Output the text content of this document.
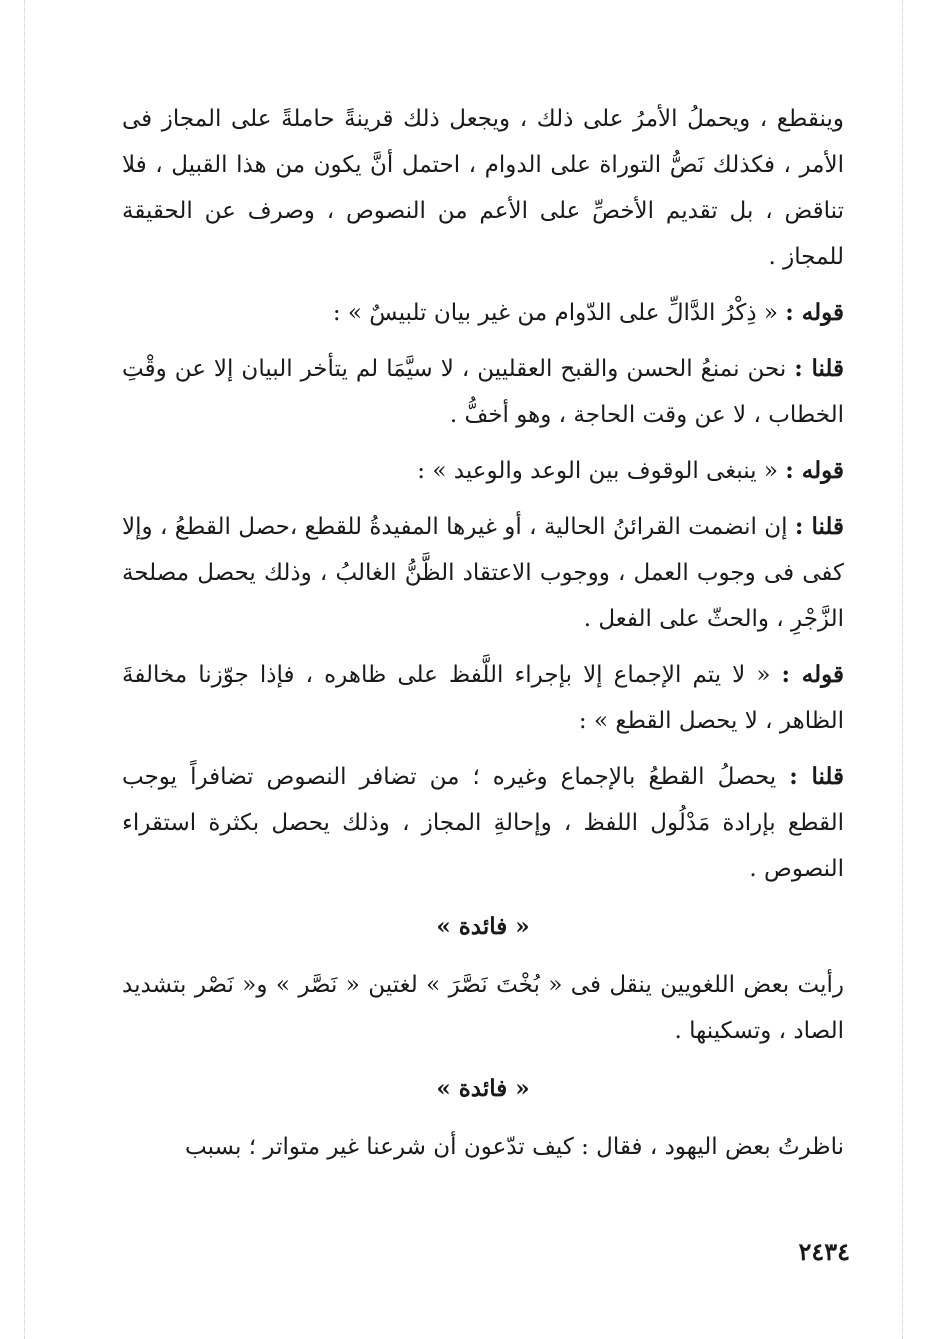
وينقطع ، ويحملُ الأمرُ على ذلك ، ويجعل ذلك قرينةً حاملةً على المجاز فى الأمر ، فكذلك نَصُّ التوراة على الدوام ، احتمل أنَّ يكون من هذا القبيل ، فلا تناقض ، بل تقديم الأخصِّ على الأعم من النصوص ، وصرف عن الحقيقة للمجاز .

قوله : « ذِكْرُ الدَّالِّ على الدّوام من غير بيان تلبيسٌ » :

قلنا : نحن نمنعُ الحسن والقبح العقليين ، لا سيَّمَا لم يتأخر البيان إلا عن وقْتِ الخطاب ، لا عن وقت الحاجة ، وهو أخفُّ .

قوله : « ينبغى الوقوف بين الوعد والوعيد » :

قلنا : إن انضمت القرائنُ الحالية ، أو غيرها المفيدةُ للقطع ،حصل القطعُ ، وإلا كفى فى وجوب العمل ، ووجوب الاعتقاد الظَّنُّ الغالبُ ، وذلك يحصل مصلحة الزَّجْرِ ، والحثّ على الفعل .

قوله : « لا يتم الإجماع إلا بإجراء اللَّفظ على ظاهره ، فإذا جوّزنا مخالفةَ الظاهر ، لا يحصل القطع » :

قلنا : يحصلُ القطعُ بالإجماع وغيره ؛ من تضافر النصوص تضافراً يوجب القطع بإرادة مَدْلُول اللفظ ، وإحالةِ المجاز ، وذلك يحصل بكثرة استقراء النصوص .

« فائدة »

رأيت بعض اللغويين ينقل فى « بُخْتَ نَصَّرَ » لغتين « نَصَّر » و« نَصْر بتشديد الصاد ، وتسكينها .

« فائدة »

ناظرتُ بعض اليهود ، فقال : كيف تدّعون أن شرعنا غير متواتر ؛ بسبب

٢٤٣٤
